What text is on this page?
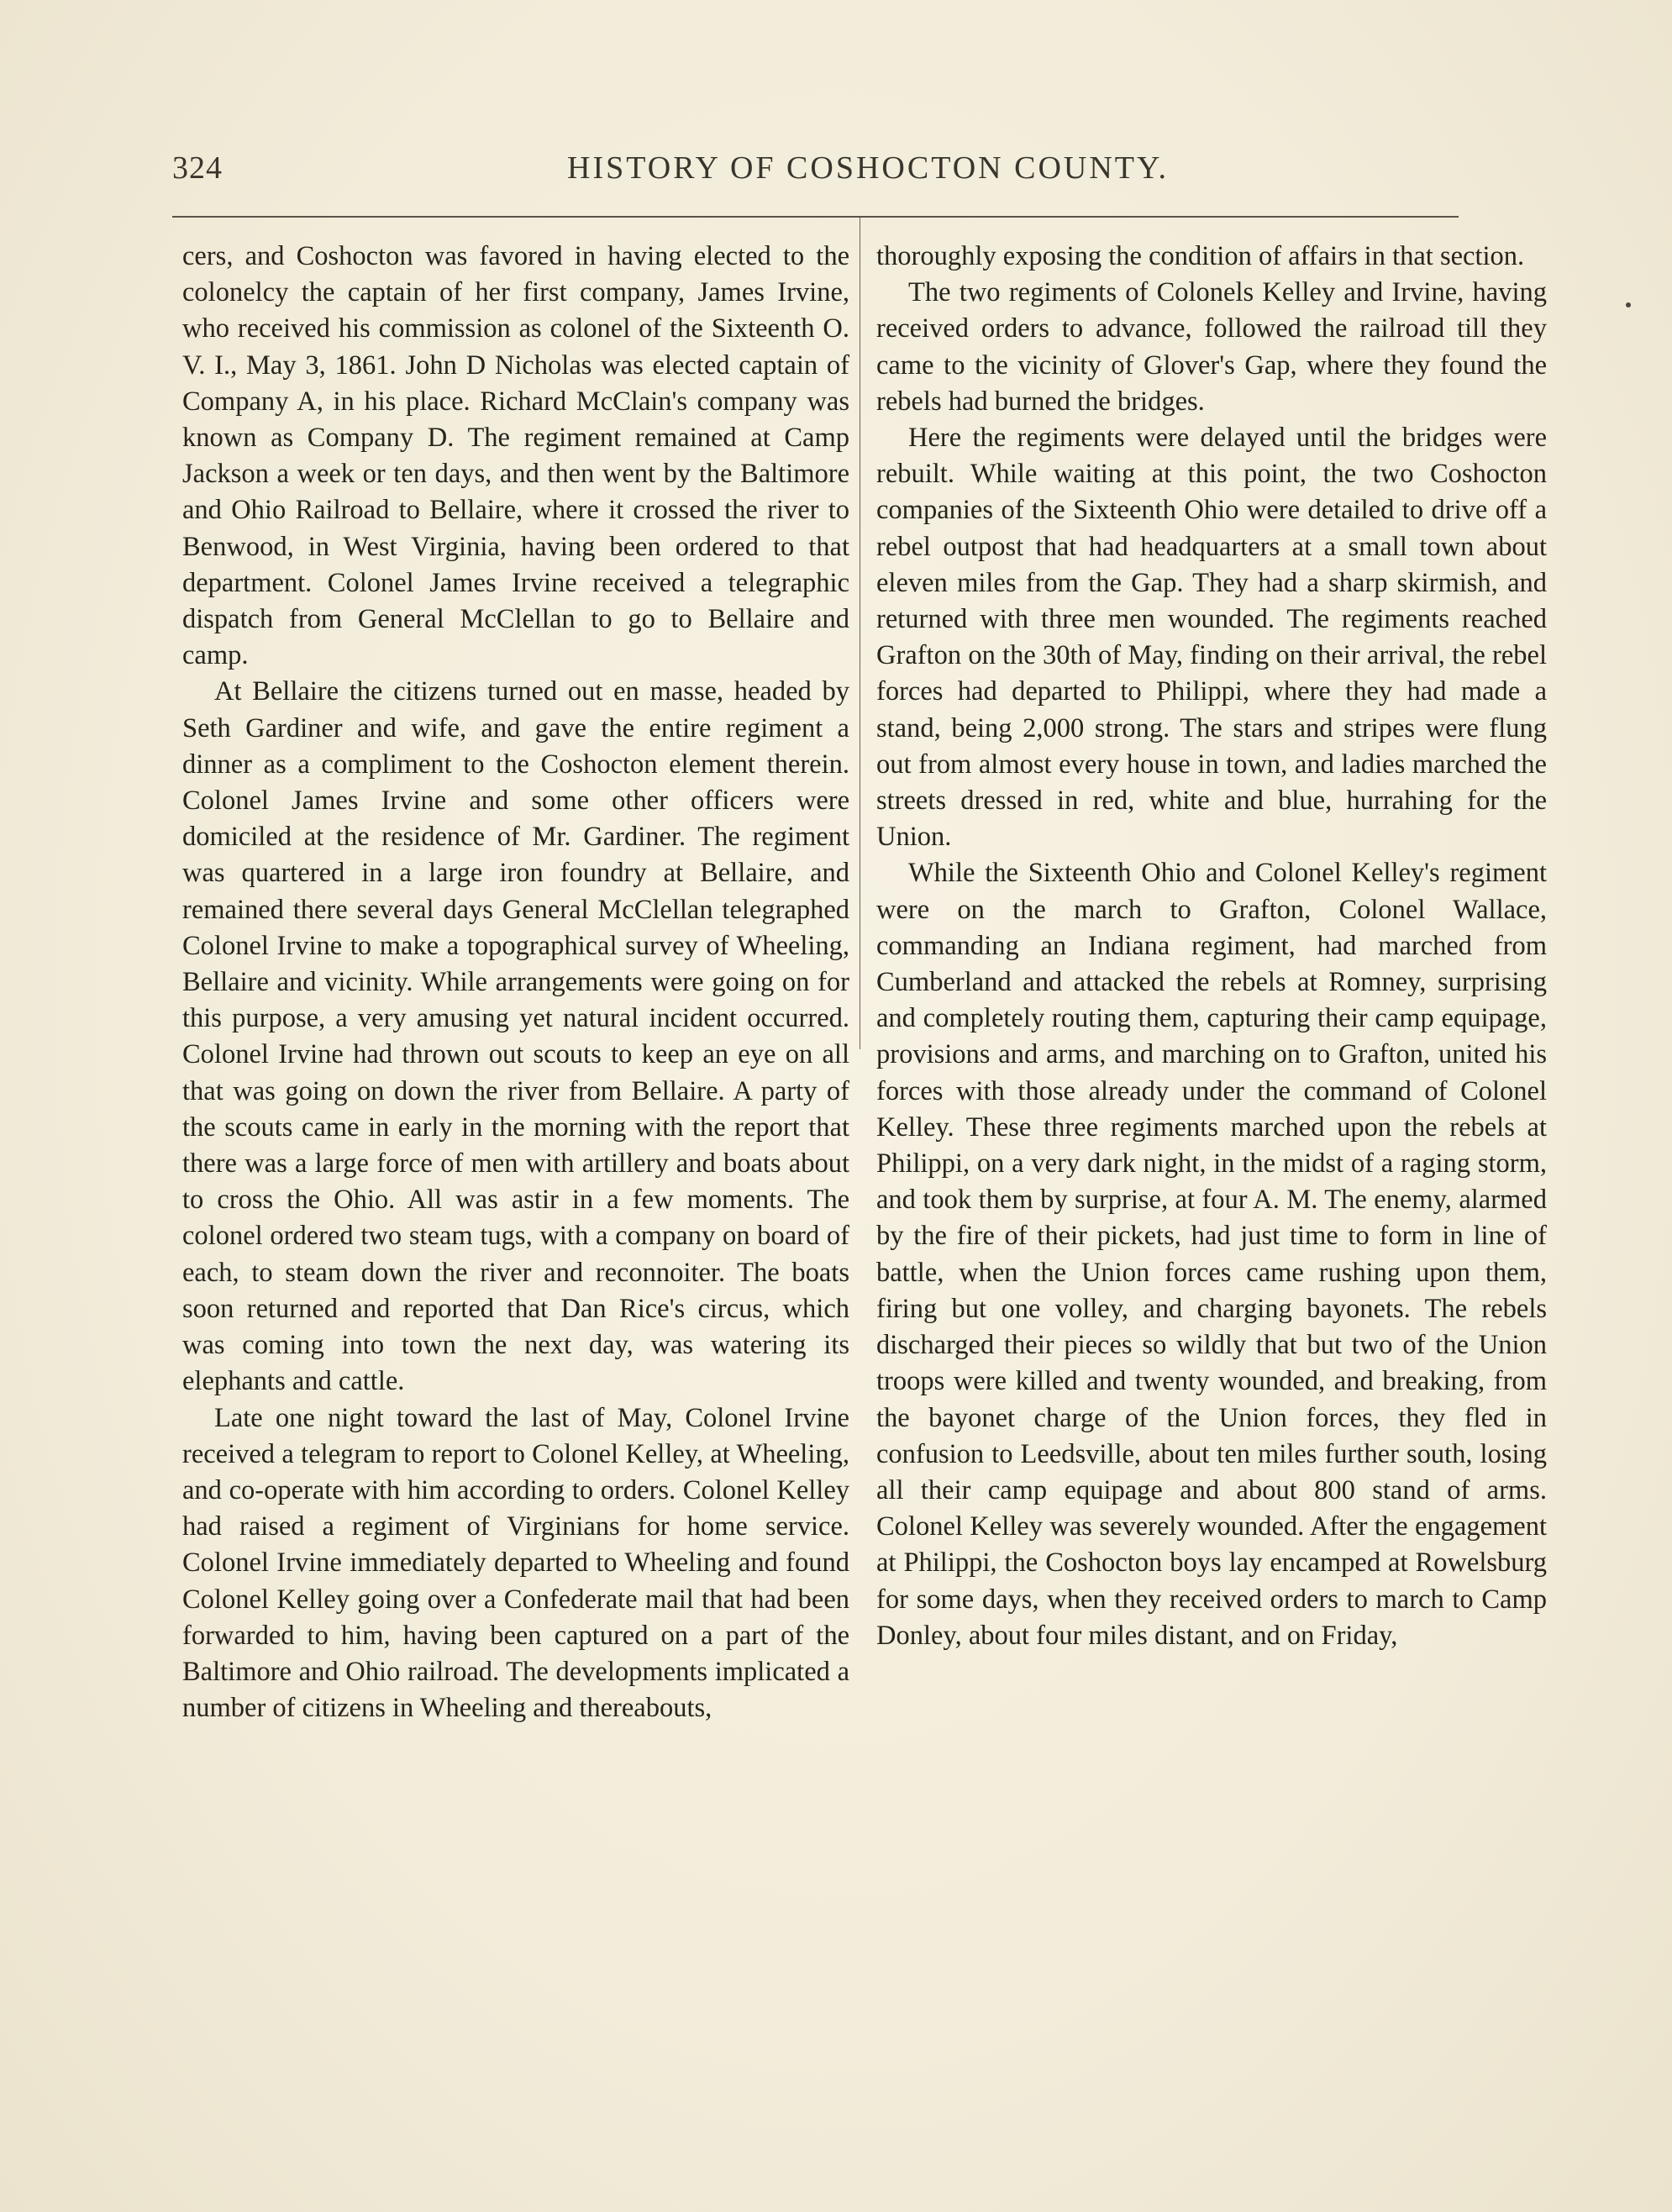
324	HISTORY OF COSHOCTON COUNTY.

cers, and Coshocton was favored in having elected to the colonelcy the captain of her first company, James Irvine, who received his commission as colonel of the Sixteenth O. V. I., May 3, 1861. John D Nicholas was elected captain of Company A, in his place. Richard McClain's company was known as Company D. The regiment remained at Camp Jackson a week or ten days, and then went by the Baltimore and Ohio Railroad to Bellaire, where it crossed the river to Benwood, in West Virginia, having been ordered to that department. Colonel James Irvine received a telegraphic dispatch from General McClellan to go to Bellaire and camp.

At Bellaire the citizens turned out en masse, headed by Seth Gardiner and wife, and gave the entire regiment a dinner as a compliment to the Coshocton element therein. Colonel James Irvine and some other officers were domiciled at the residence of Mr. Gardiner. The regiment was quartered in a large iron foundry at Bellaire, and remained there several days General McClellan telegraphed Colonel Irvine to make a topographical survey of Wheeling, Bellaire and vicinity. While arrangements were going on for this purpose, a very amusing yet natural incident occurred. Colonel Irvine had thrown out scouts to keep an eye on all that was going on down the river from Bellaire. A party of the scouts came in early in the morning with the report that there was a large force of men with artillery and boats about to cross the Ohio. All was astir in a few moments. The colonel ordered two steam tugs, with a company on board of each, to steam down the river and reconnoiter. The boats soon returned and reported that Dan Rice's circus, which was coming into town the next day, was watering its elephants and cattle.

Late one night toward the last of May, Colonel Irvine received a telegram to report to Colonel Kelley, at Wheeling, and co-operate with him according to orders. Colonel Kelley had raised a regiment of Virginians for home service. Colonel Irvine immediately departed to Wheeling and found Colonel Kelley going over a Confederate mail that had been forwarded to him, having been captured on a part of the Baltimore and Ohio railroad. The developments implicated a number of citizens in Wheeling and thereabouts,

thoroughly exposing the condition of affairs in that section.

The two regiments of Colonels Kelley and Irvine, having received orders to advance, followed the railroad till they came to the vicinity of Glover's Gap, where they found the rebels had burned the bridges.

Here the regiments were delayed until the bridges were rebuilt. While waiting at this point, the two Coshocton companies of the Sixteenth Ohio were detailed to drive off a rebel outpost that had headquarters at a small town about eleven miles from the Gap. They had a sharp skirmish, and returned with three men wounded. The regiments reached Grafton on the 30th of May, finding on their arrival, the rebel forces had departed to Philippi, where they had made a stand, being 2,000 strong. The stars and stripes were flung out from almost every house in town, and ladies marched the streets dressed in red, white and blue, hurrahing for the Union.

While the Sixteenth Ohio and Colonel Kelley's regiment were on the march to Grafton, Colonel Wallace, commanding an Indiana regiment, had marched from Cumberland and attacked the rebels at Romney, surprising and completely routing them, capturing their camp equipage, provisions and arms, and marching on to Grafton, united his forces with those already under the command of Colonel Kelley. These three regiments marched upon the rebels at Philippi, on a very dark night, in the midst of a raging storm, and took them by surprise, at four A. M. The enemy, alarmed by the fire of their pickets, had just time to form in line of battle, when the Union forces came rushing upon them, firing but one volley, and charging bayonets. The rebels discharged their pieces so wildly that but two of the Union troops were killed and twenty wounded, and breaking, from the bayonet charge of the Union forces, they fled in confusion to Leedsville, about ten miles further south, losing all their camp equipage and about 800 stand of arms. Colonel Kelley was severely wounded. After the engagement at Philippi, the Coshocton boys lay encamped at Rowelsburg for some days, when they received orders to march to Camp Donley, about four miles distant, and on Friday,
